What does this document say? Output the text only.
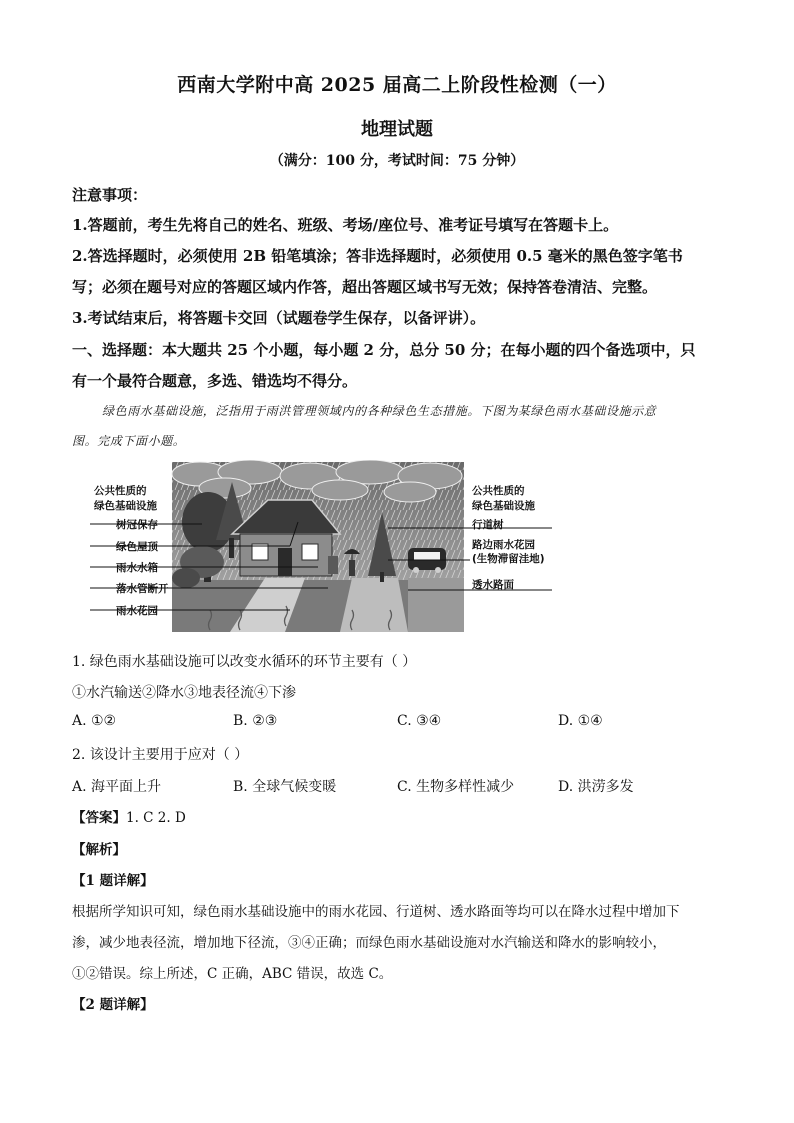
西南大学附中高 2025 届高二上阶段性检测（一）
地理试题
（满分：100 分，考试时间：75 分钟）
注意事项：
1.答题前，考生先将自己的姓名、班级、考场/座位号、准考证号填写在答题卡上。
2.答选择题时，必须使用 2B 铅笔填涂；答非选择题时，必须使用 0.5 毫米的黑色签字笔书
写；必须在题号对应的答题区域内作答，超出答题区域书写无效；保持答卷清洁、完整。
3.考试结束后，将答题卡交回（试题卷学生保存，以备评讲）。
一、选择题：本大题共 25 个小题，每小题 2 分，总分 50 分；在每小题的四个备选项中，只
有一个最符合题意，多选、错选均不得分。
绿色雨水基础设施，泛指用于雨洪管理领域内的各种绿色生态措施。下图为某绿色雨水基础设施示意
图。完成下面小题。
公共性质的
绿色基础设施
树冠保存
绿色屋顶
雨水水箱
落水管断开
雨水花园
公共性质的
绿色基础设施
行道树
路边雨水花园
(生物滞留洼地)
透水路面
1. 绿色雨水基础设施可以改变水循环的环节主要有（ ）
①水汽输送②降水③地表径流④下渗
A. ①②	B. ②③	C. ③④	D. ①④
2. 该设计主要用于应对（ ）
A. 海平面上升	B. 全球气候变暖	C. 生物多样性减少	D. 洪涝多发
【答案】1. C 2. D
【解析】
【1 题详解】
根据所学知识可知，绿色雨水基础设施中的雨水花园、行道树、透水路面等均可以在降水过程中增加下
渗，减少地表径流，增加地下径流，③④正确；而绿色雨水基础设施对水汽输送和降水的影响较小，
①②错误。综上所述，C 正确，ABC 错误，故选 C。
【2 题详解】
